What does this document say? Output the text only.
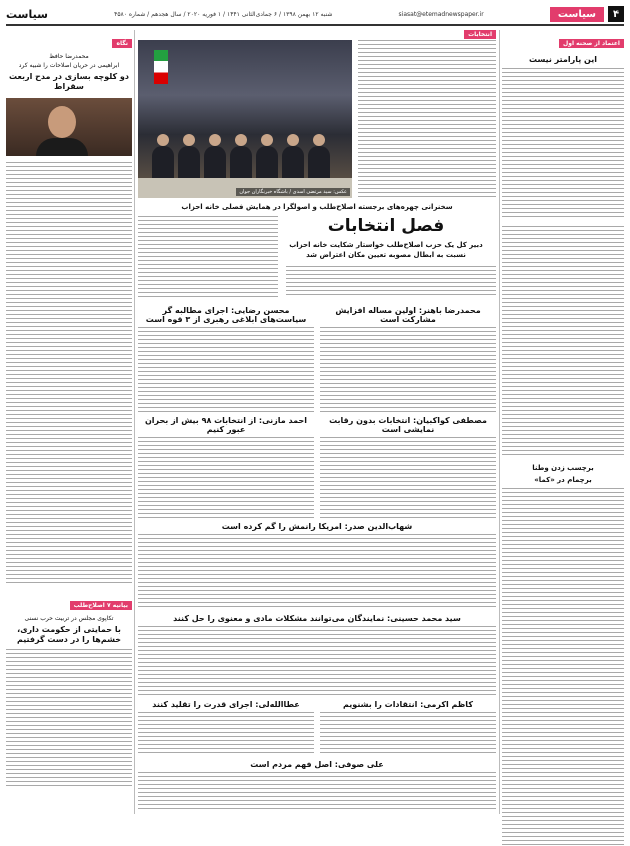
۴
سیاست
siasat@etemadnewspaper.ir
شنبه ۱۲ بهمن ۱۳۹۸ / ۶ جمادی‌الثانی ۱۴۴۱ / ۱ فوریه ۲۰۲۰ / سال هجدهم / شماره ۴۵۸۰
سیاست
اعتماد از صحنه اول
این پارامتر نیست
برچسب زدن وطنا
برچمام در «کما»
انتخابات
عکس: سید مرتضی اسدی / باشگاه خبرنگاران جوان
سخنرانی چهره‌های برجسته اصلاح‌طلب و اصولگرا در همایش فصلی خانه احزاب
فصل انتخابات
دبیر کل یک حزب اصلاح‌طلب خواستار شکایت خانه احزاب نسبت به ابطال مصوبه تعیین مکان اعتراض شد
محمدرضا باهنر: اولین مساله افزایش مشارکت است
محسن رضایی: اجرای مطالبه گر سیاست‌های ابلاغی رهبری از ۳ قوه است
مصطفی کواکبیان: انتخابات بدون رقابت نمایشی است
احمد مازنی: از انتخابات ۹۸ بیش از بحران عبور کنیم
شهاب‌الدین صدر: امریکا رانمش را گم کرده است
سید محمد حسینی: نمایندگان می‌توانند مشکلات مادی و معنوی را حل کنند
کاظم اکرمی: انتقادات را بشنویم
عطاالله‌لی: اجرای قدرت را تقلید کنند
علی صوفی: اصل فهم مردم است
نگاه
محمدرضا حافظ
ابراهیمی در حریان اصلاحات را شبیه کرد
دو کلوچه بسازی در مدح اربعت سقراط
بیانیه ۷ اصلاح‌طلب
تکاپوی مجلس در تربیت حرب نسنی
با حمایتی از حکومت داری، خشم‌ها را در دست گرفتیم
